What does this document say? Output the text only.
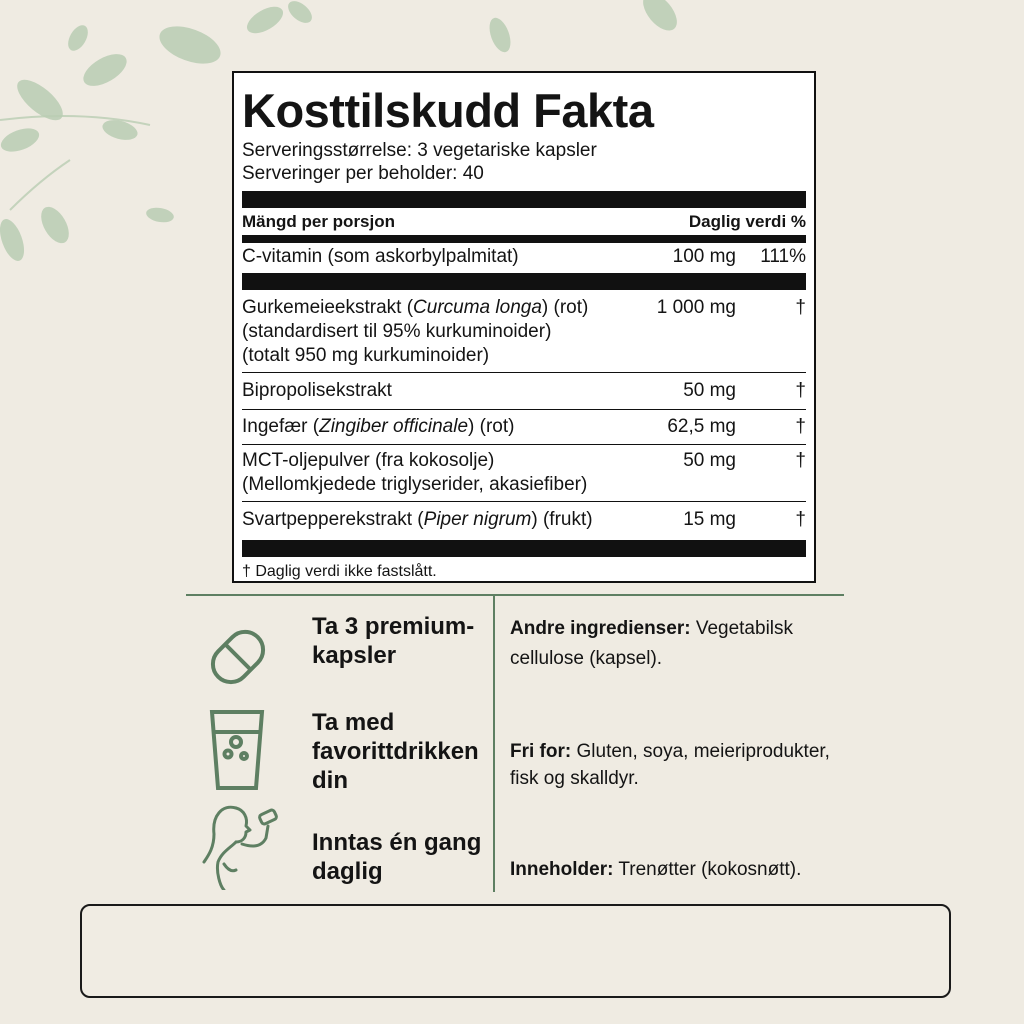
Kosttilskudd Fakta
Serveringsstørrelse: 3 vegetariske kapsler
Serveringer per beholder: 40
Mängd per porsjon	Daglig verdi %
C-vitamin (som askorbylpalmitat)	100 mg	111%
Gurkemeieekstrakt (Curcuma longa) (rot)
(standardisert til 95% kurkuminoider)
(totalt 950 mg kurkuminoider)
1 000 mg	†
Bipropolisekstrakt	50 mg	†
Ingefær (Zingiber officinale) (rot)	62,5 mg	†
MCT-oljepulver (fra kokosolje)
(Mellomkjedede triglyserider, akasiefiber)
50 mg	†
Svartpepperekstrakt (Piper nigrum) (frukt)	15 mg	†
† Daglig verdi ikke fastslått.
Ta 3 premium-kapsler
Ta med favorittdrikken din
Inntas én gang daglig
Andre ingredienser: Vegetabilsk cellulose (kapsel).
Fri for: Gluten, soya, meieriprodukter, fisk og skalldyr.
Inneholder: Trenøtter (kokosnøtt).
